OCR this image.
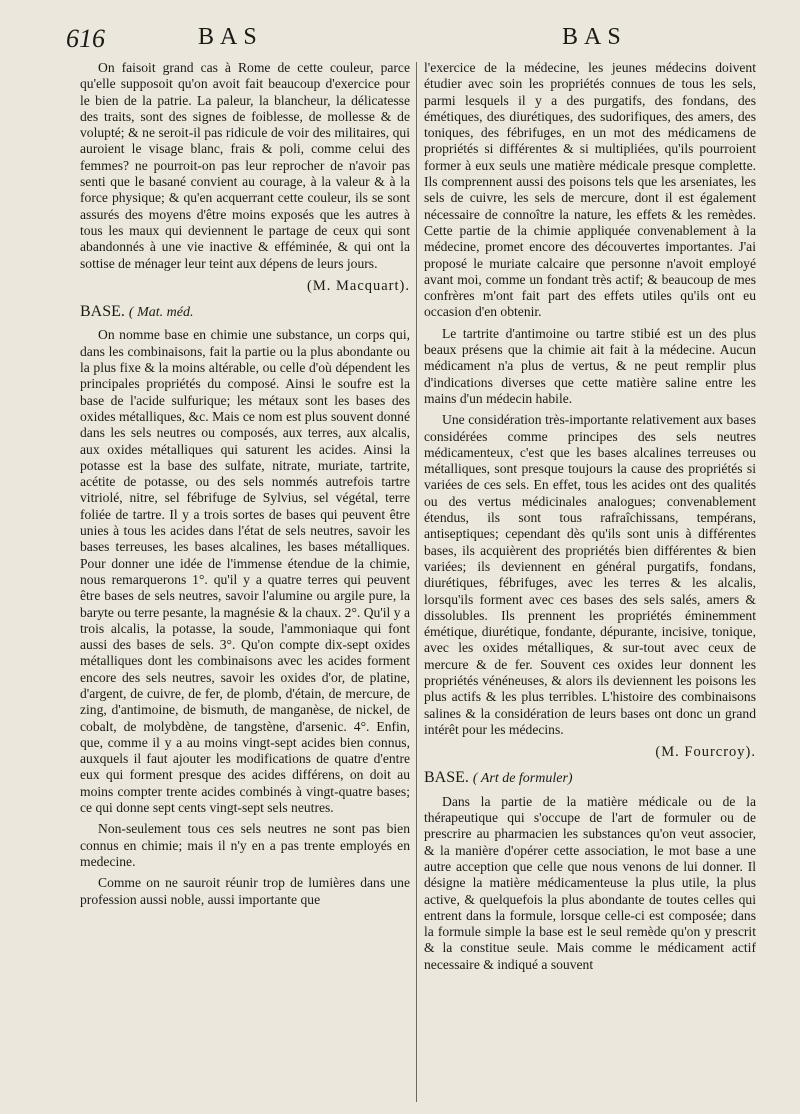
616	BAS	BAS

On faisoit grand cas à Rome de cette couleur, parce qu'elle supposoit qu'on avoit fait beaucoup d'exercice pour le bien de la patrie. La paleur, la blancheur, la délicatesse des traits, sont des signes de foiblesse, de mollesse & de volupté; & ne seroit-il pas ridicule de voir des militaires, qui auroient le visage blanc, frais & poli, comme celui des femmes? ne pourroit-on pas leur reprocher de n'avoir pas senti que le basané convient au courage, à la valeur & à la force physique; & qu'en acquerrant cette couleur, ils se sont assurés des moyens d'être moins exposés que les autres à tous les maux qui deviennent le partage de ceux qui sont abandonnés à une vie inactive & efféminée, & qui ont la sottise de ménager leur teint aux dépens de leurs jours.

(M. Macquart).
BASE. ( Mat. méd.

On nomme base en chimie une substance, un corps qui, dans les combinaisons, fait la partie ou la plus abondante ou la plus fixe & la moins altérable, ou celle d'où dépendent les principales propriétés du composé. Ainsi le soufre est la base de l'acide sulfurique; les métaux sont les bases des oxides métalliques, &c. Mais ce nom est plus souvent donné dans les sels neutres ou composés, aux terres, aux alcalis, aux oxides métalliques qui saturent les acides. Ainsi la potasse est la base des sulfate, nitrate, muriate, tartrite, acétite de potasse, ou des sels nommés autrefois tartre vitriolé, nitre, sel fébrifuge de Sylvius, sel végétal, terre foliée de tartre. Il y a trois sortes de bases qui peuvent être unies à tous les acides dans l'état de sels neutres, savoir les bases terreuses, les bases alcalines, les bases métalliques. Pour donner une idée de l'immense étendue de la chimie, nous remarquerons 1°. qu'il y a quatre terres qui peuvent être bases de sels neutres, savoir l'alumine ou argile pure, la baryte ou terre pesante, la magnésie & la chaux. 2°. Qu'il y a trois alcalis, la potasse, la soude, l'ammoniaque qui font aussi des bases de sels. 3°. Qu'on compte dix-sept oxides métalliques dont les combinaisons avec les acides forment encore des sels neutres, savoir les oxides d'or, de platine, d'argent, de cuivre, de fer, de plomb, d'étain, de mercure, de zing, d'antimoine, de bismuth, de manganèse, de nickel, de cobalt, de molybdène, de tangstène, d'arsenic. 4°. Enfin, que, comme il y a au moins vingt-sept acides bien connus, auxquels il faut ajouter les modifications de quatre d'entre eux qui forment presque des acides différens, on doit au moins compter trente acides combinés à vingt-quatre bases; ce qui donne sept cents vingt-sept sels neutres.

Non-seulement tous ces sels neutres ne sont pas bien connus en chimie; mais il n'y en a pas trente employés en medecine.

Comme on ne sauroit réunir trop de lumières dans une profession aussi noble, aussi importante que

l'exercice de la médecine, les jeunes médecins doivent étudier avec soin les propriétés connues de tous les sels, parmi lesquels il y a des purgatifs, des fondans, des émétiques, des diurétiques, des sudorifiques, des amers, des toniques, des fébrifuges, en un mot des médicamens de propriétés si différentes & si multipliées, qu'ils pourroient former à eux seuls une matière médicale presque complette. Ils comprennent aussi des poisons tels que les arseniates, les sels de cuivre, les sels de mercure, dont il est également nécessaire de connoître la nature, les effets & les remèdes. Cette partie de la chimie appliquée convenablement à la médecine, promet encore des découvertes importantes. J'ai proposé le muriate calcaire que personne n'avoit employé avant moi, comme un fondant très actif; & beaucoup de mes confrères m'ont fait part des effets utiles qu'ils ont eu occasion d'en obtenir.

Le tartrite d'antimoine ou tartre stibié est un des plus beaux présens que la chimie ait fait à la médecine. Aucun médicament n'a plus de vertus, & ne peut remplir plus d'indications diverses que cette matière saline entre les mains d'un médecin habile.

Une considération très-importante relativement aux bases considérées comme principes des sels neutres médicamenteux, c'est que les bases alcalines terreuses ou métalliques, sont presque toujours la cause des propriétés si variées de ces sels. En effet, tous les acides ont des qualités ou des vertus médicinales analogues; convenablement étendus, ils sont tous rafraîchissans, tempérans, antiseptiques; cependant dès qu'ils sont unis à différentes bases, ils acquièrent des propriétés bien différentes & bien variées; ils deviennent en général purgatifs, fondans, diurétiques, fébrifuges, avec les terres & les alcalis, lorsqu'ils forment avec ces bases des sels salés, amers & dissolubles. Ils prennent les propriétés éminemment émétique, diurétique, fondante, dépurante, incisive, tonique, avec les oxides métalliques, & sur-tout avec ceux de mercure & de fer. Souvent ces oxides leur donnent les propriétés vénéneuses, & alors ils deviennent les poisons les plus actifs & les plus terribles. L'histoire des combinaisons salines & la considération de leurs bases ont donc un grand intérêt pour les médecins.

(M. Fourcroy).
BASE. ( Art de formuler)

Dans la partie de la matière médicale ou de la thérapeutique qui s'occupe de l'art de formuler ou de prescrire au pharmacien les substances qu'on veut associer, & la manière d'opérer cette association, le mot base a une autre acception que celle que nous venons de lui donner. Il désigne la matière médicamenteuse la plus utile, la plus active, & quelquefois la plus abondante de toutes celles qui entrent dans la formule, lorsque celle-ci est composée; dans la formule simple la base est le seul remède qu'on y prescrit & la constitue seule. Mais comme le médicament actif necessaire & indiqué a souvent
